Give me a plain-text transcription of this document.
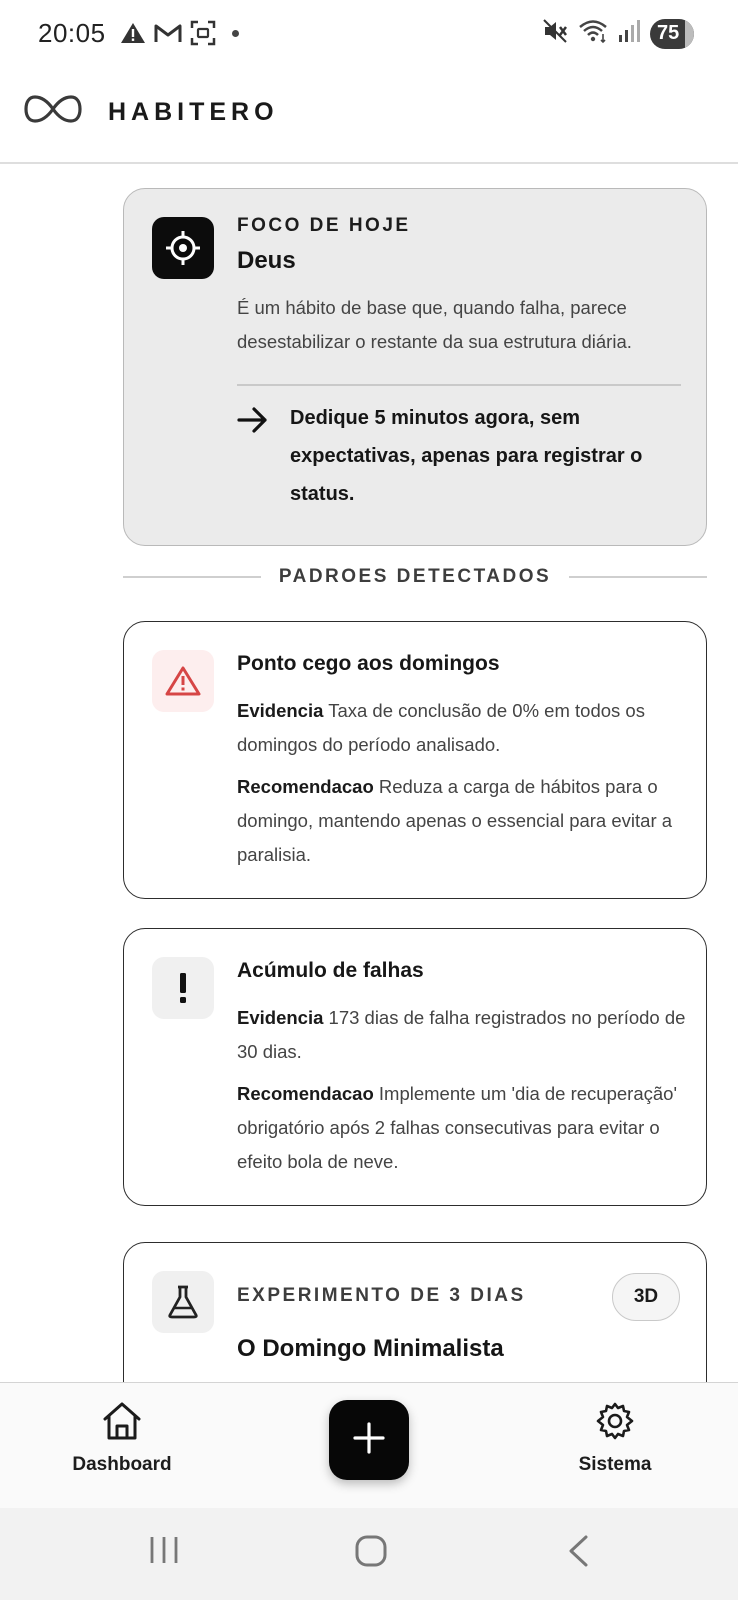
20:05	75
HABITERO
FOCO DE HOJE
Deus

É um hábito de base que, quando falha, parece desestabilizar o restante da sua estrutura diária.

Dedique 5 minutos agora, sem expectativas, apenas para registrar o status.

PADROES DETECTADOS
Ponto cego aos domingos

Evidencia Taxa de conclusão de 0% em todos os domingos do período analisado.

Recomendacao Reduza a carga de hábitos para o domingo, mantendo apenas o essencial para evitar a paralisia.

Acúmulo de falhas

Evidencia 173 dias de falha registrados no período de 30 dias.

Recomendacao Implemente um 'dia de recuperação' obrigatório após 2 falhas consecutivas para evitar o efeito bola de neve.

EXPERIMENTO DE 3 DIAS	3D
O Domingo Minimalista
Dashboard	Sistema
